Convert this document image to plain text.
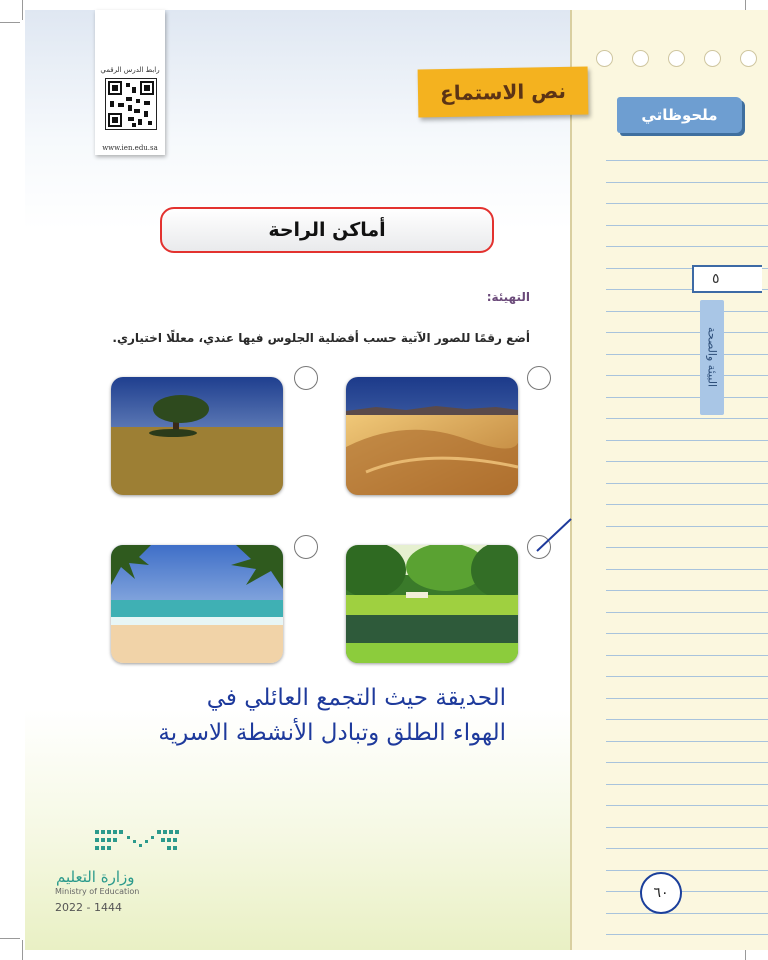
ملحوظاتي
٥
البيئة والصحة
٦٠
رابط الدرس الرقمي
www.ien.edu.sa
نص الاستماع
أماكن الراحة
التهيئة:
أضع رقمًا للصور الآتية حسب أفضلية الجلوس فيها عندي، معللًا اختياري.
الحديقة حيث التجمع العائلي في
الهواء الطلق وتبادل الأنشطة الاسرية
وزارة التعليم
Ministry of Education
2022 - 1444
